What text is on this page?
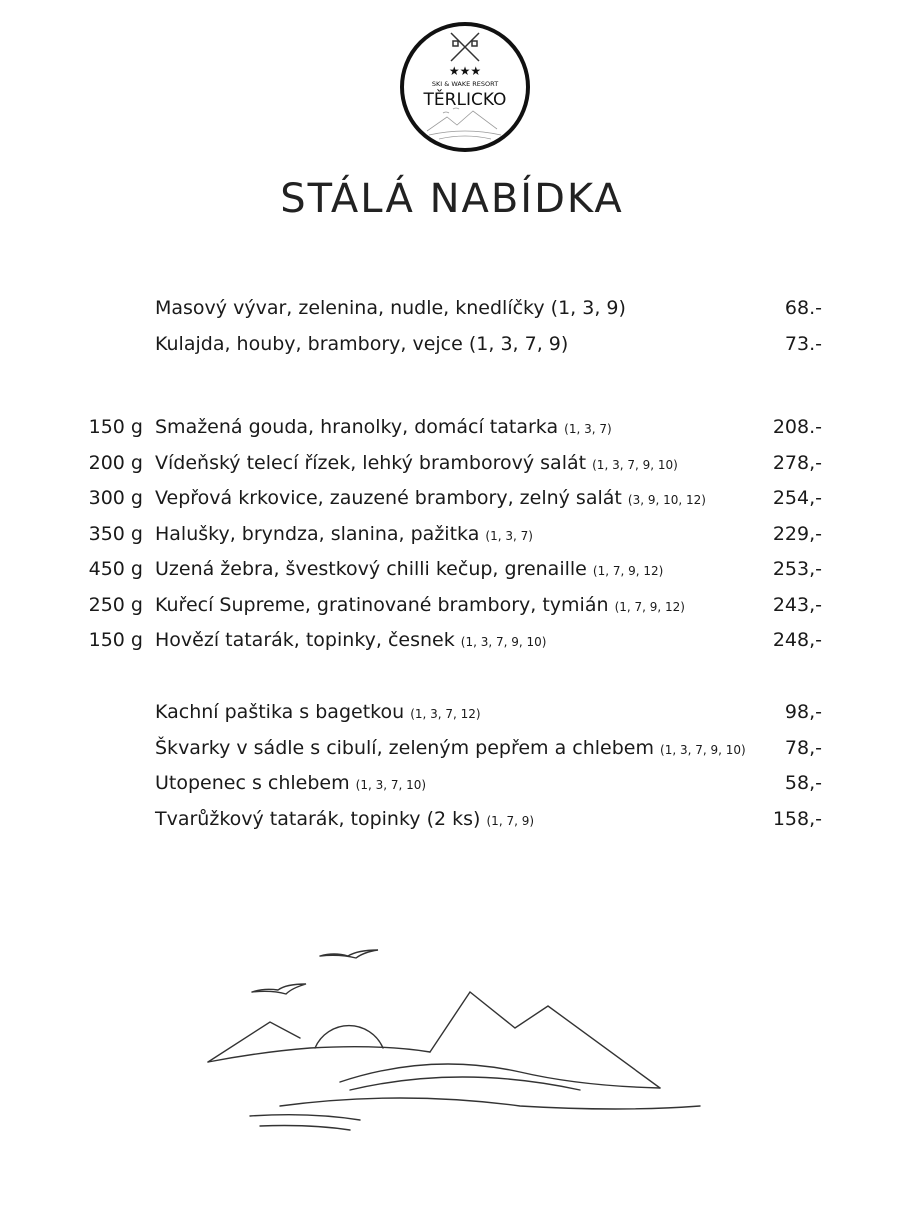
★★★
SKI & WAKE RESORT
TĚRLICKO
STÁLÁ NABÍDKA
Masový vývar, zelenina, nudle, knedlíčky (1, 3, 9)	68.-
Kulajda, houby, brambory, vejce (1, 3, 7, 9)	73.-
150 g Smažená gouda, hranolky, domácí tatarka (1, 3, 7)	208.-
200 g Vídeňský telecí řízek, lehký bramborový salát (1, 3, 7, 9, 10)	278,-
300 g Vepřová krkovice, zauzené brambory, zelný salát (3, 9, 10, 12)	254,-
350 g Halušky, bryndza, slanina, pažitka (1, 3, 7)	229,-
450 g Uzená žebra, švestkový chilli kečup, grenaille (1, 7, 9, 12)	253,-
250 g Kuřecí Supreme, gratinované brambory, tymián (1, 7, 9, 12)	243,-
150 g Hovězí tatarák, topinky, česnek (1, 3, 7, 9, 10)	248,-
Kachní paštika s bagetkou (1, 3, 7, 12)	98,-
Škvarky v sádle s cibulí, zeleným pepřem a chlebem (1, 3, 7, 9, 10) 78,-
Utopenec s chlebem (1, 3, 7, 10)	58,-
Tvarůžkový tatarák, topinky (2 ks) (1, 7, 9)	158,-
